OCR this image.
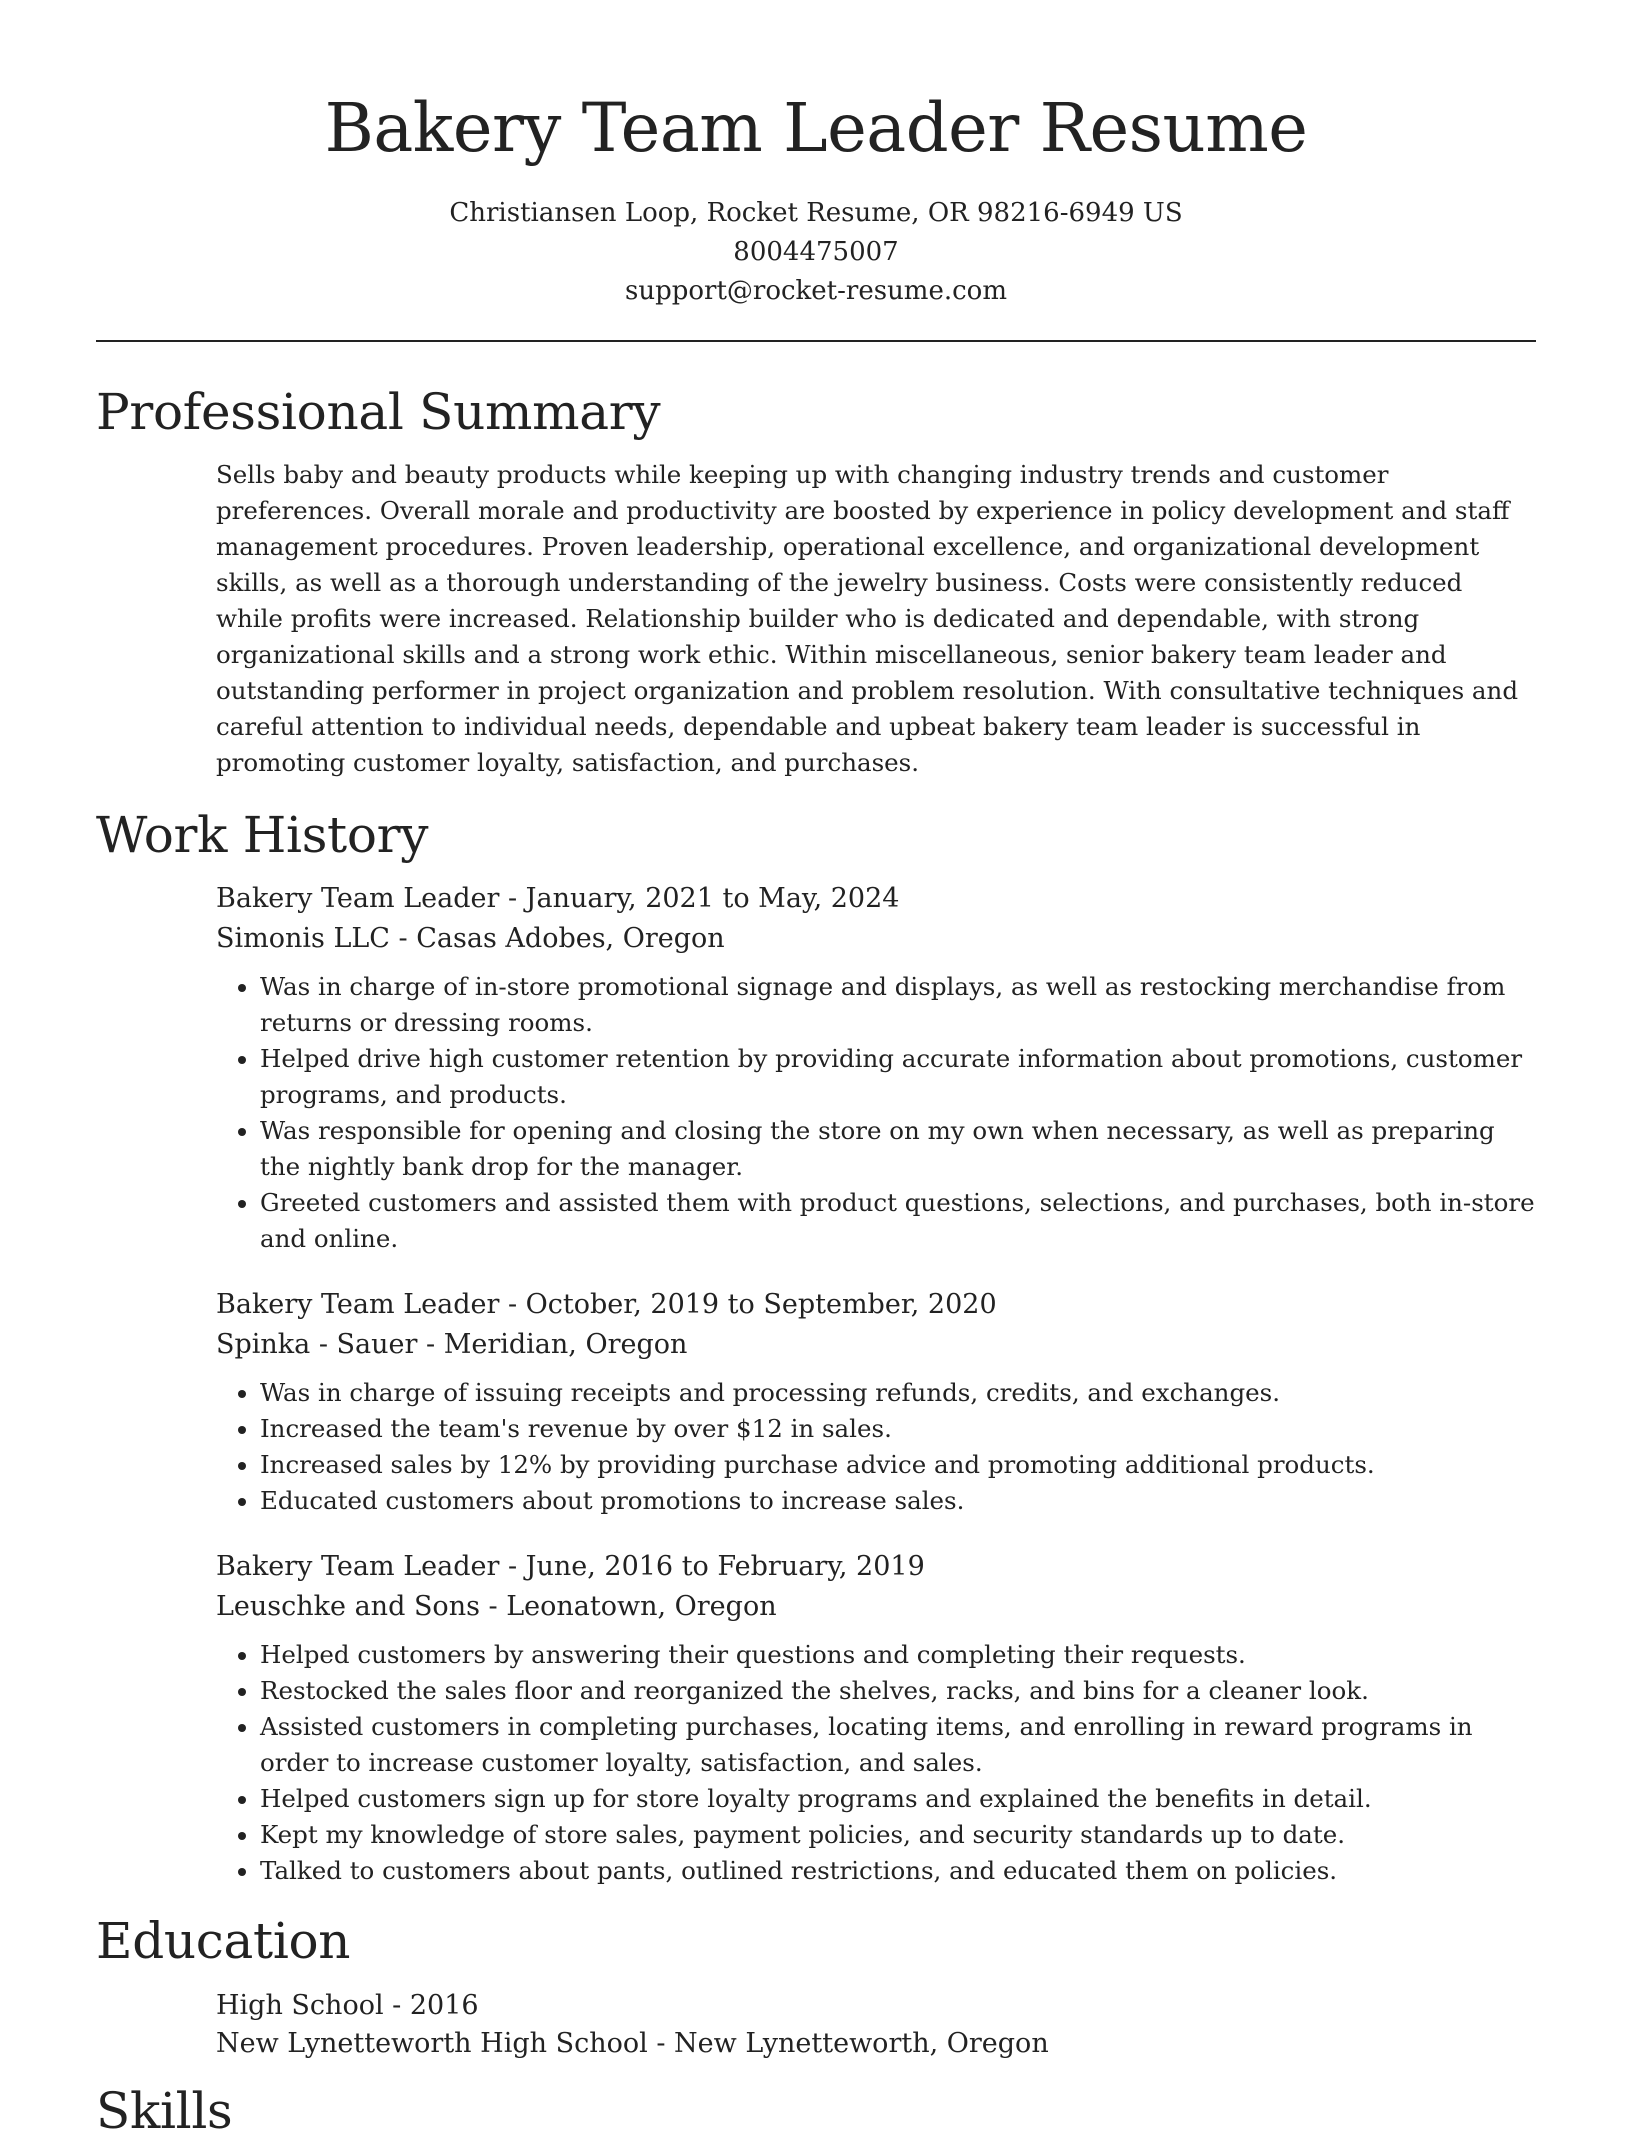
Bakery Team Leader Resume
Christiansen Loop, Rocket Resume, OR 98216-6949 US
8004475007
support@rocket-resume.com
Professional Summary

Sells baby and beauty products while keeping up with changing industry trends and customer preferences. Overall morale and productivity are boosted by experience in policy development and staff management procedures. Proven leadership, operational excellence, and organizational development skills, as well as a thorough understanding of the jewelry business. Costs were consistently reduced while profits were increased. Relationship builder who is dedicated and dependable, with strong organizational skills and a strong work ethic. Within miscellaneous, senior bakery team leader and outstanding performer in project organization and problem resolution. With consultative techniques and careful attention to individual needs, dependable and upbeat bakery team leader is successful in promoting customer loyalty, satisfaction, and purchases.

Work History
Bakery Team Leader - January, 2021 to May, 2024
Simonis LLC - Casas Adobes, Oregon
• Was in charge of in-store promotional signage and displays, as well as restocking merchandise from returns or dressing rooms.
• Helped drive high customer retention by providing accurate information about promotions, customer programs, and products.
• Was responsible for opening and closing the store on my own when necessary, as well as preparing the nightly bank drop for the manager.
• Greeted customers and assisted them with product questions, selections, and purchases, both in-store and online.
Bakery Team Leader - October, 2019 to September, 2020
Spinka - Sauer - Meridian, Oregon
• Was in charge of issuing receipts and processing refunds, credits, and exchanges.
• Increased the team's revenue by over $12 in sales.
• Increased sales by 12% by providing purchase advice and promoting additional products.
• Educated customers about promotions to increase sales.
Bakery Team Leader - June, 2016 to February, 2019
Leuschke and Sons - Leonatown, Oregon
• Helped customers by answering their questions and completing their requests.
• Restocked the sales floor and reorganized the shelves, racks, and bins for a cleaner look.
• Assisted customers in completing purchases, locating items, and enrolling in reward programs in order to increase customer loyalty, satisfaction, and sales.
• Helped customers sign up for store loyalty programs and explained the benefits in detail.
• Kept my knowledge of store sales, payment policies, and security standards up to date.
• Talked to customers about pants, outlined restrictions, and educated them on policies.
Education
High School - 2016
New Lynetteworth High School - New Lynetteworth, Oregon
Skills
